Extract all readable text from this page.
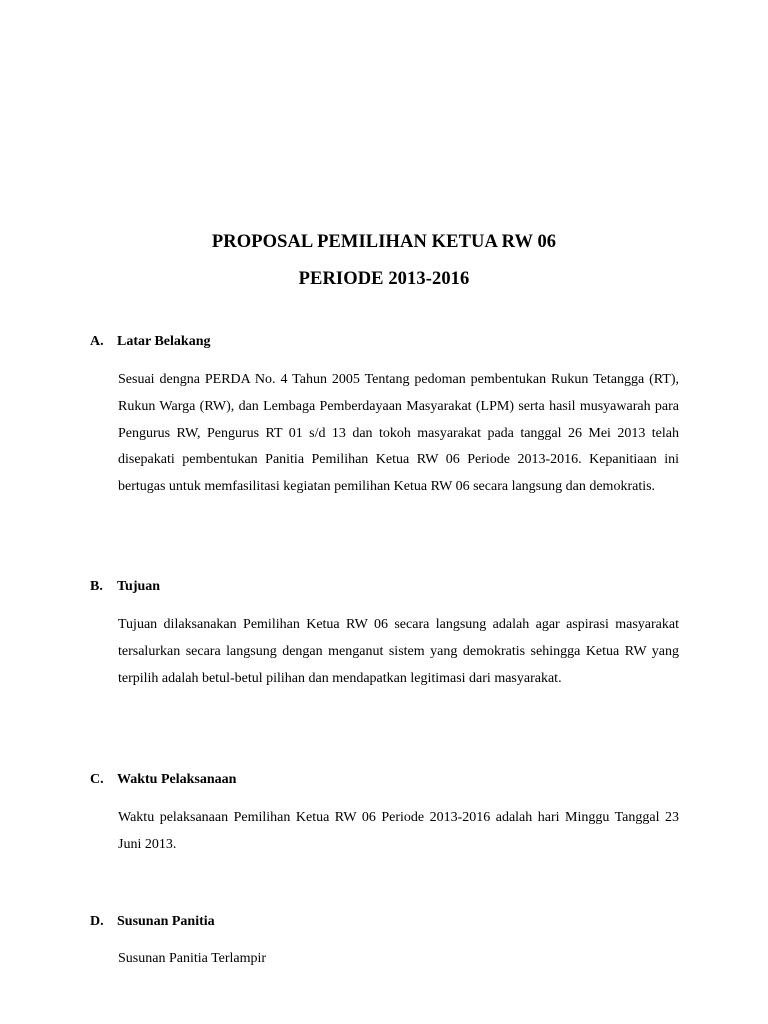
PROPOSAL PEMILIHAN KETUA RW 06
PERIODE 2013-2016
A. Latar Belakang
Sesuai dengna PERDA No. 4 Tahun 2005 Tentang pedoman pembentukan Rukun Tetangga (RT), Rukun Warga (RW), dan Lembaga Pemberdayaan Masyarakat (LPM) serta hasil musyawarah para Pengurus RW, Pengurus RT 01 s/d 13 dan tokoh masyarakat pada tanggal 26 Mei 2013 telah disepakati pembentukan Panitia Pemilihan Ketua RW 06 Periode 2013-2016. Kepanitiaan ini bertugas untuk memfasilitasi kegiatan pemilihan Ketua RW 06 secara langsung dan demokratis.
B. Tujuan
Tujuan dilaksanakan Pemilihan Ketua RW 06 secara langsung adalah agar aspirasi masyarakat tersalurkan secara langsung dengan menganut sistem yang demokratis sehingga Ketua RW yang terpilih adalah betul-betul pilihan dan mendapatkan legitimasi dari masyarakat.
C. Waktu Pelaksanaan
Waktu pelaksanaan Pemilihan Ketua RW 06 Periode 2013-2016 adalah hari Minggu Tanggal 23 Juni 2013.
D. Susunan Panitia
Susunan Panitia Terlampir
